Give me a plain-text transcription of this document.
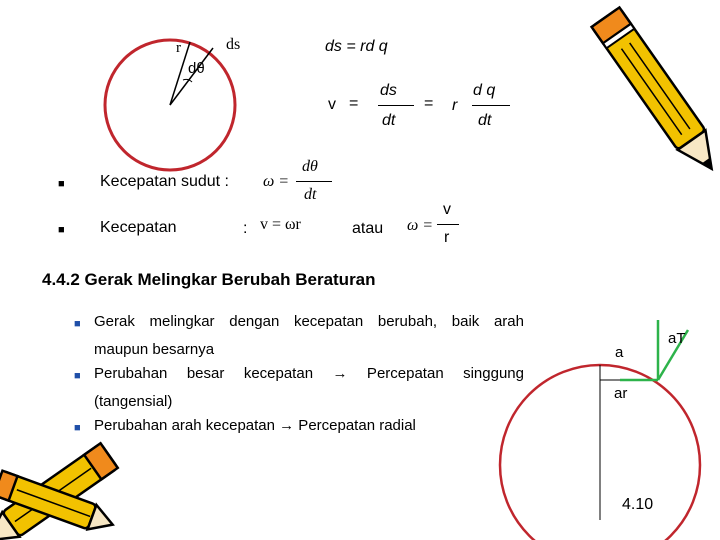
r	ds
dθ
ds = rd q
v =
ds
dt
= r
d q
dt
■ Kecepatan sudut : ω =
dθ
dt
■ Kecepatan	: v = ωr	atau ω =
v
r
4.4.2 Gerak Melingkar Berubah Beraturan
■ Gerak melingkar dengan kecepatan berubah, baik arah
maupun besarnya
■ Perubahan besar kecepatan → Percepatan singgung
(tangensial)
■ Perubahan arah kecepatan → Percepatan radial
a
aT
ar
4.10
